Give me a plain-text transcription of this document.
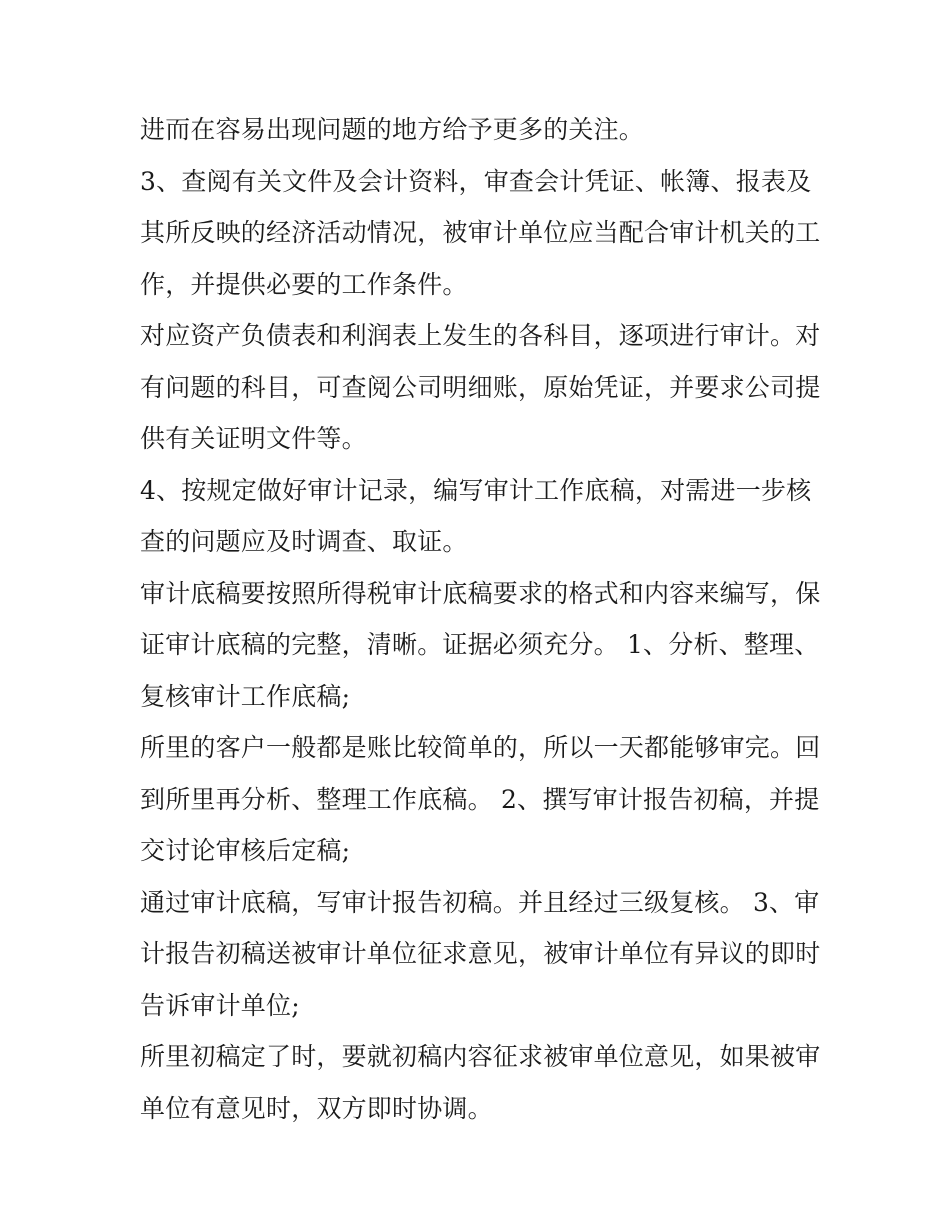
进而在容易出现问题的地方给予更多的关注。
3、查阅有关文件及会计资料，审查会计凭证、帐簿、报表及
其所反映的经济活动情况，被审计单位应当配合审计机关的工
作，并提供必要的工作条件。
对应资产负债表和利润表上发生的各科目，逐项进行审计。对
有问题的科目，可查阅公司明细账，原始凭证，并要求公司提
供有关证明文件等。
4、按规定做好审计记录，编写审计工作底稿，对需进一步核
查的问题应及时调查、取证。
审计底稿要按照所得税审计底稿要求的格式和内容来编写，保
证审计底稿的完整，清晰。证据必须充分。 1、分析、整理、
复核审计工作底稿;
所里的客户一般都是账比较简单的，所以一天都能够审完。回
到所里再分析、整理工作底稿。 2、撰写审计报告初稿，并提
交讨论审核后定稿;
通过审计底稿，写审计报告初稿。并且经过三级复核。 3、审
计报告初稿送被审计单位征求意见，被审计单位有异议的即时
告诉审计单位;
所里初稿定了时，要就初稿内容征求被审单位意见，如果被审
单位有意见时，双方即时协调。
